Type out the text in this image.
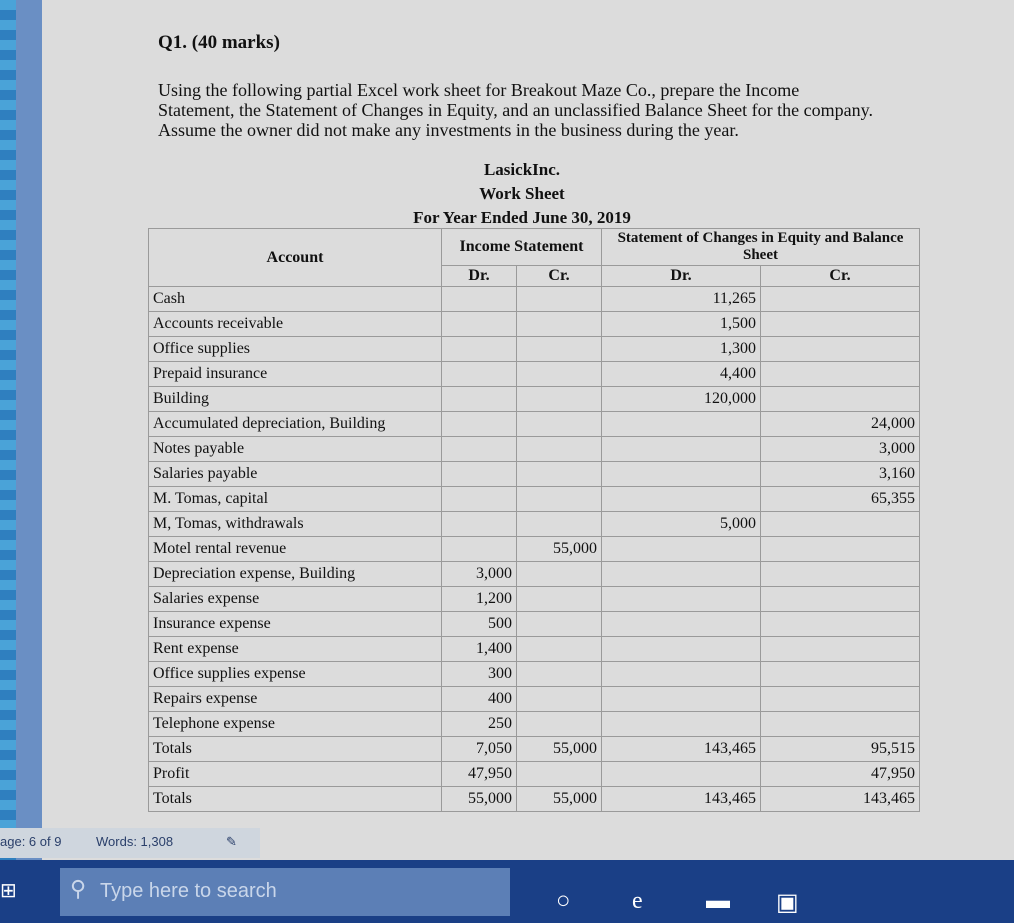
Q1. (40 marks)
Using the following partial Excel work sheet for Breakout Maze Co., prepare the Income Statement, the Statement of Changes in Equity, and an unclassified Balance Sheet for the company. Assume the owner did not make any investments in the business during the year.
LasickInc.
Work Sheet
For Year Ended June 30, 2019
Account	Income Statement		Statement of Changes in Equity and Balance Sheet	
	Dr.	Cr.	Dr.	Cr.
Cash			11,265	
Accounts receivable			1,500	
Office supplies			1,300	
Prepaid insurance			4,400	
Building			120,000	
Accumulated depreciation, Building				24,000
Notes payable				3,000
Salaries payable				3,160
M. Tomas, capital				65,355
M, Tomas, withdrawals			5,000	
Motel rental revenue		55,000		
Depreciation expense, Building	3,000			
Salaries expense	1,200			
Insurance expense	500			
Rent expense	1,400			
Office supplies expense	300			
Repairs expense	400			
Telephone expense	250			
Totals	7,050	55,000	143,465	95,515
Profit	47,950			47,950
Totals	55,000	55,000	143,465	143,465
age: 6 of 9	Words: 1,308	✎
⊞ ⚲ Type here to search	○	e	▬ ▣
